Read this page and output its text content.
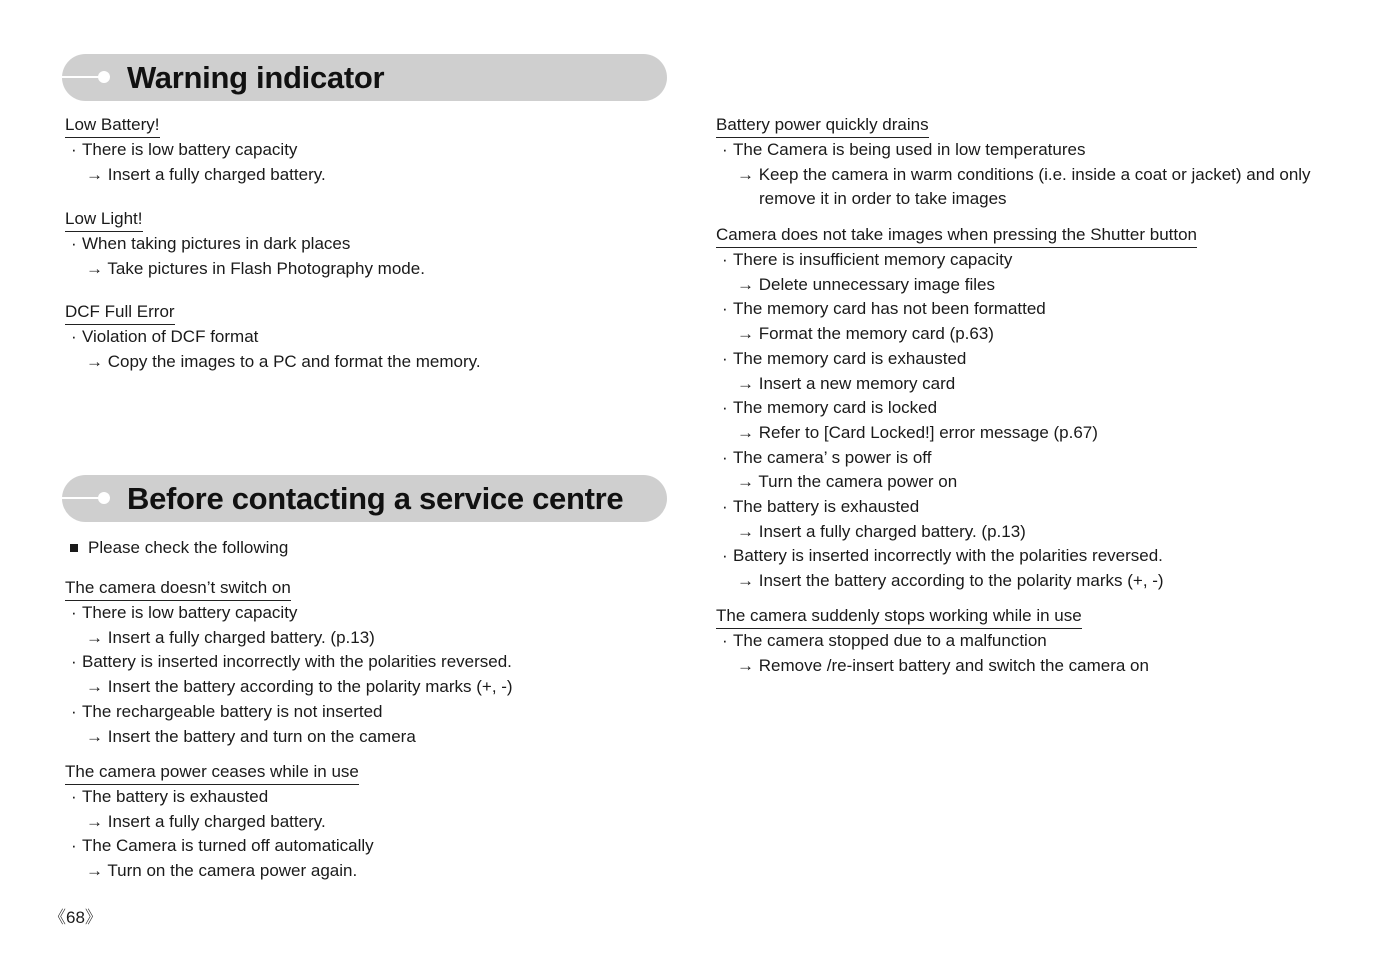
Warning indicator

Low Battery!

· There is low battery capacity

→ Insert a fully charged battery.

Low Light!

· When taking pictures in dark places

→ Take pictures in Flash Photography mode.

DCF Full Error

· Violation of DCF format

→ Copy the images to a PC and format the memory.

Before contacting a service centre
Please check the following

The camera doesn’t switch on

· There is low battery capacity

→ Insert a fully charged battery. (p.13)

· Battery is inserted incorrectly with the polarities reversed.

→ Insert the battery according to the polarity marks (+, -)

· The rechargeable battery is not inserted

→ Insert the battery and turn on the camera

The camera power ceases while in use

· The battery is exhausted

→ Insert a fully charged battery.

· The Camera is turned off automatically

→ Turn on the camera power again.

Battery power quickly drains

· The Camera is being used in low temperatures

→ Keep the camera in warm conditions (i.e. inside a coat or jacket) and only

remove it in order to take images

Camera does not take images when pressing the Shutter button

· There is insufficient memory capacity

→ Delete unnecessary image files

· The memory card has not been formatted

→ Format the memory card (p.63)

· The memory card is exhausted

→ Insert a new memory card

· The memory card is locked

→ Refer to [Card Locked!] error message (p.67)

· The camera’ s power is off

→ Turn the camera power on

· The battery is exhausted

→ Insert a fully charged battery. (p.13)

· Battery is inserted incorrectly with the polarities reversed.

→ Insert the battery according to the polarity marks (+, -)

The camera suddenly stops working while in use

· The camera stopped due to a malfunction

→ Remove /re-insert battery and switch the camera on

《68》
